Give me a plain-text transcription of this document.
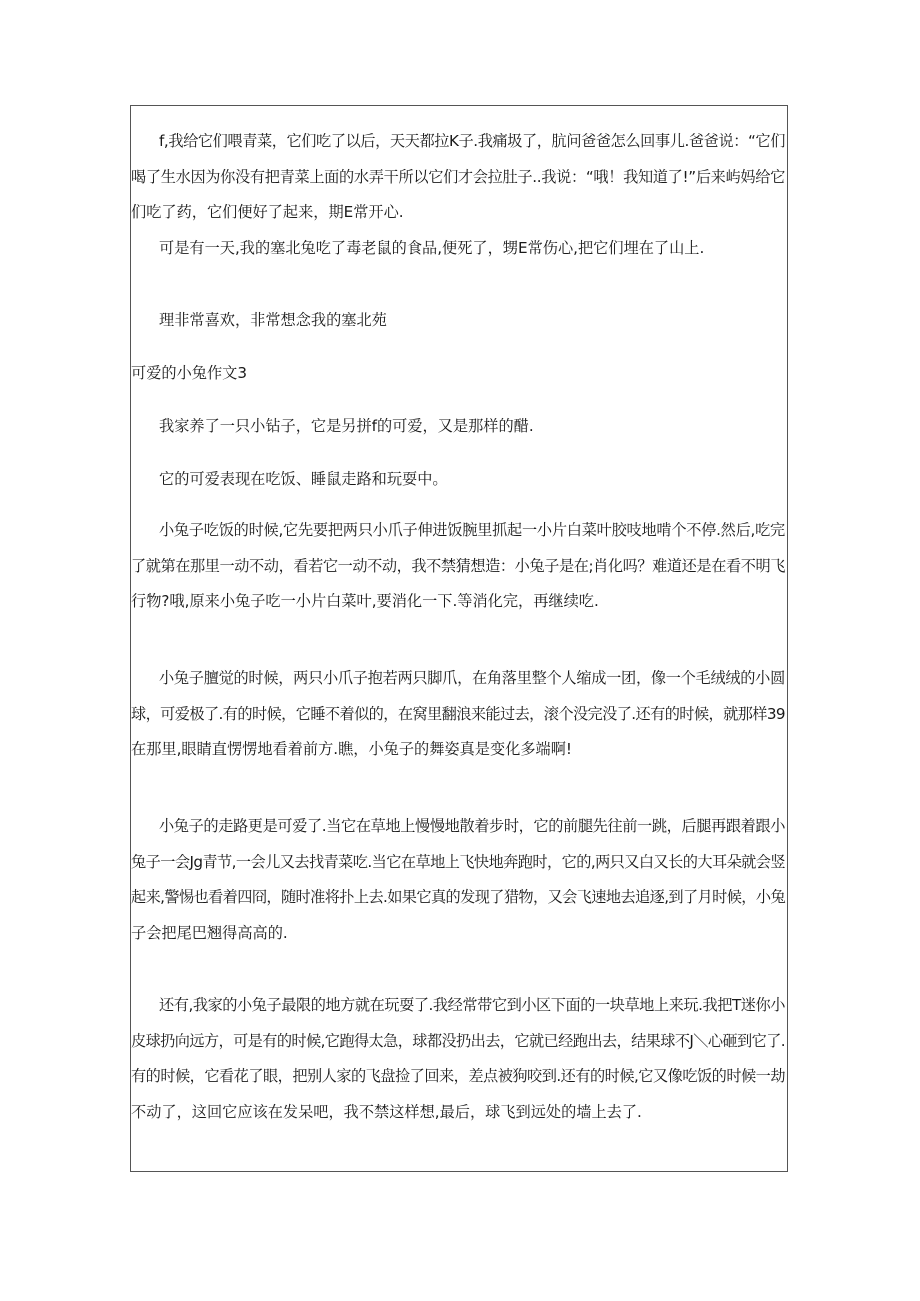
f,我给它们喂青菜，它们吃了以后，天天都拉K子.我痛圾了，肮问爸爸怎么回事儿.爸爸说：“它们
喝了生水因为你没有把青菜上面的水弄干所以它们才会拉肚子..我说：“哦！我知道了!”后来屿妈给它
们吃了药，它们便好了起来，期E常开心.

可是有一天,我的塞北兔吃了毒老鼠的食品,便死了，甥E常伤心,把它们埋在了山上.

理非常喜欢，非常想念我的塞北苑

可爱的小兔作文3

我家养了一只小钻子，它是另拼f的可爱，又是那样的醋.

它的可爱表现在吃饭、睡鼠走路和玩耍中。

小兔子吃饭的时候,它先要把两只小爪子伸进饭腕里抓起一小片白菜叶胶吱地啃个不停.然后,吃完
了就第在那里一动不动，看若它一动不动，我不禁猜想造：小兔子是在;肖化吗？难道还是在看不明飞
行物?哦,原来小兔子吃一小片白菜叶,要消化一下.等消化完，再继续吃.

小兔子膻觉的时候，两只小爪子抱若两只脚爪，在角落里整个人缩成一团，像一个毛绒绒的小圆
球，可爱极了.有的时候，它睡不着似的，在窝里翻浪来能过去，滚个没完没了.还有的时候，就那样39
在那里,眼睛直愣愣地看着前方.瞧，小兔子的舞姿真是变化多端啊!

小兔子的走路更是可爱了.当它在草地上慢慢地散着步时，它的前腿先往前一跳，后腿再跟着跟小
兔子一会Jg青节,一会儿又去找青菜吃.当它在草地上飞快地奔跑时，它的,两只又白又长的大耳朵就会竖
起来,警惕也看着四冏，随时准将扑上去.如果它真的发现了猎物，又会飞速地去追逐,到了月时候，小兔
子会把尾巴翘得高高的.

还有,我家的小兔子最限的地方就在玩耍了.我经常带它到小区下面的一块草地上来玩.我把T迷你小
皮球扔向远方，可是有的时候,它跑得太急，球都没扔出去，它就已经跑出去，结果球不J＼心砸到它了.
有的时候，它看花了眼，把别人家的飞盘捡了回来，差点被狗咬到.还有的时候,它又像吃饭的时候一劫
不动了，这回它应该在发呆吧，我不禁这样想,最后，球飞到远处的墙上去了.
